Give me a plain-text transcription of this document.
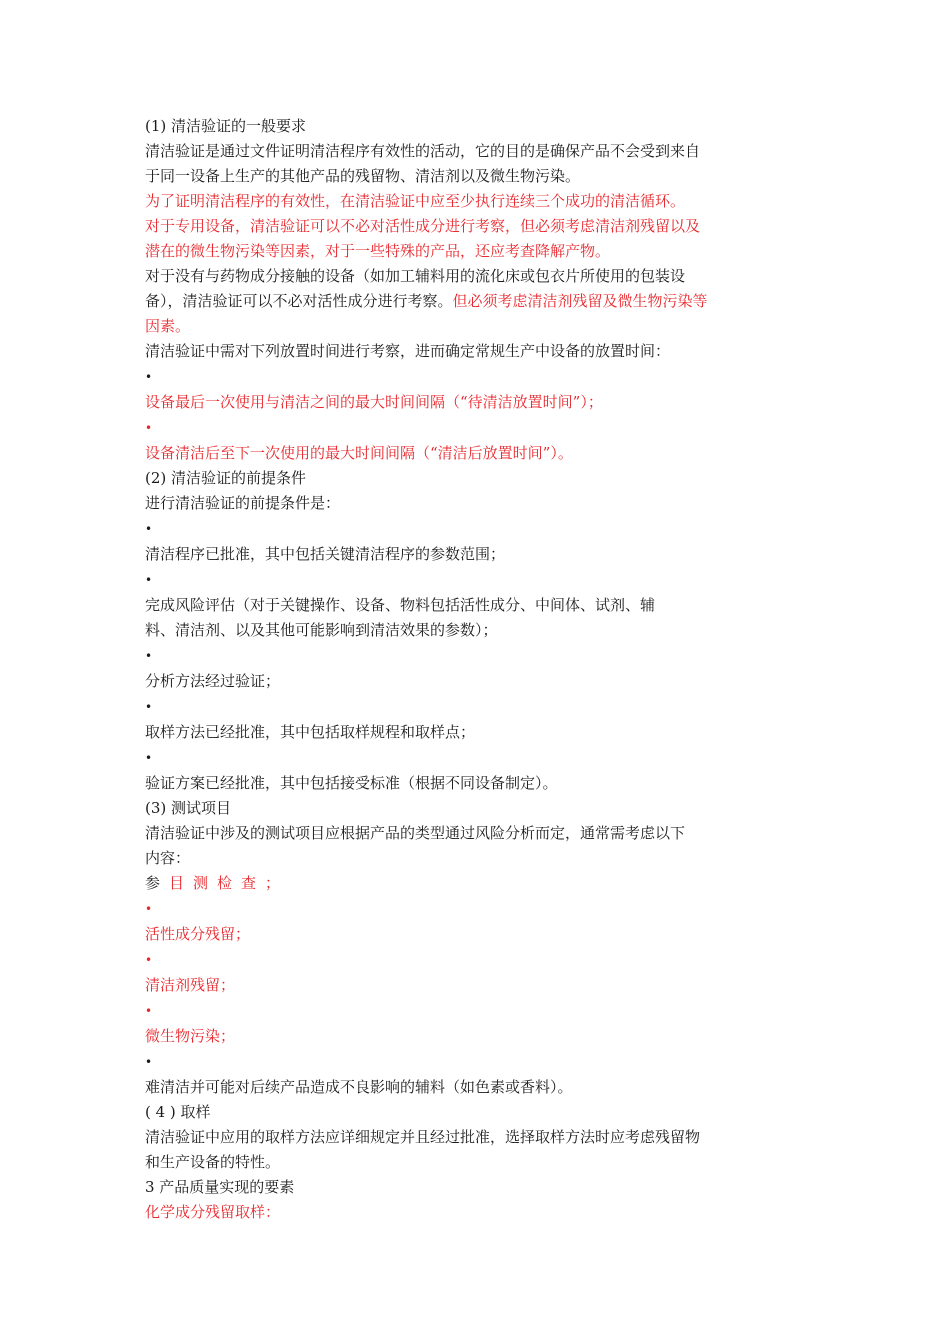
(1) 清洁验证的一般要求
清洁验证是通过文件证明清洁程序有效性的活动，它的目的是确保产品不会受到来自
于同一设备上生产的其他产品的残留物、清洁剂以及微生物污染。
为了证明清洁程序的有效性，在清洁验证中应至少执行连续三个成功的清洁循环。
对于专用设备，清洁验证可以不必对活性成分进行考察，但必须考虑清洁剂残留以及
潜在的微生物污染等因素，对于一些特殊的产品，还应考查降解产物。
对于没有与药物成分接触的设备（如加工辅料用的流化床或包衣片所使用的包装设
备），清洁验证可以不必对活性成分进行考察。但必须考虑清洁剂残留及微生物污染等
因素。
清洁验证中需对下列放置时间进行考察，进而确定常规生产中设备的放置时间：
•
设备最后一次使用与清洁之间的最大时间间隔（“待清洁放置时间”）；
•
设备清洁后至下一次使用的最大时间间隔（“清洁后放置时间”）。
(2) 清洁验证的前提条件
进行清洁验证的前提条件是：
•
清洁程序已批准，其中包括关键清洁程序的参数范围；
•
完成风险评估（对于关键操作、设备、物料包括活性成分、中间体、试剂、辅
料、清洁剂、以及其他可能影响到清洁效果的参数）；
•
分析方法经过验证；
•
取样方法已经批准，其中包括取样规程和取样点；
•
验证方案已经批准，其中包括接受标准（根据不同设备制定）。
(3) 测试项目
清洁验证中涉及的测试项目应根据产品的类型通过风险分析而定，通常需考虑以下
内容：
参目测检查；
•
活性成分残留；
•
清洁剂残留；
•
微生物污染；
•
难清洁并可能对后续产品造成不良影响的辅料（如色素或香料）。
( 4 ) 取样
清洁验证中应用的取样方法应详细规定并且经过批准，选择取样方法时应考虑残留物
和生产设备的特性。
3 产品质量实现的要素
化学成分残留取样：
